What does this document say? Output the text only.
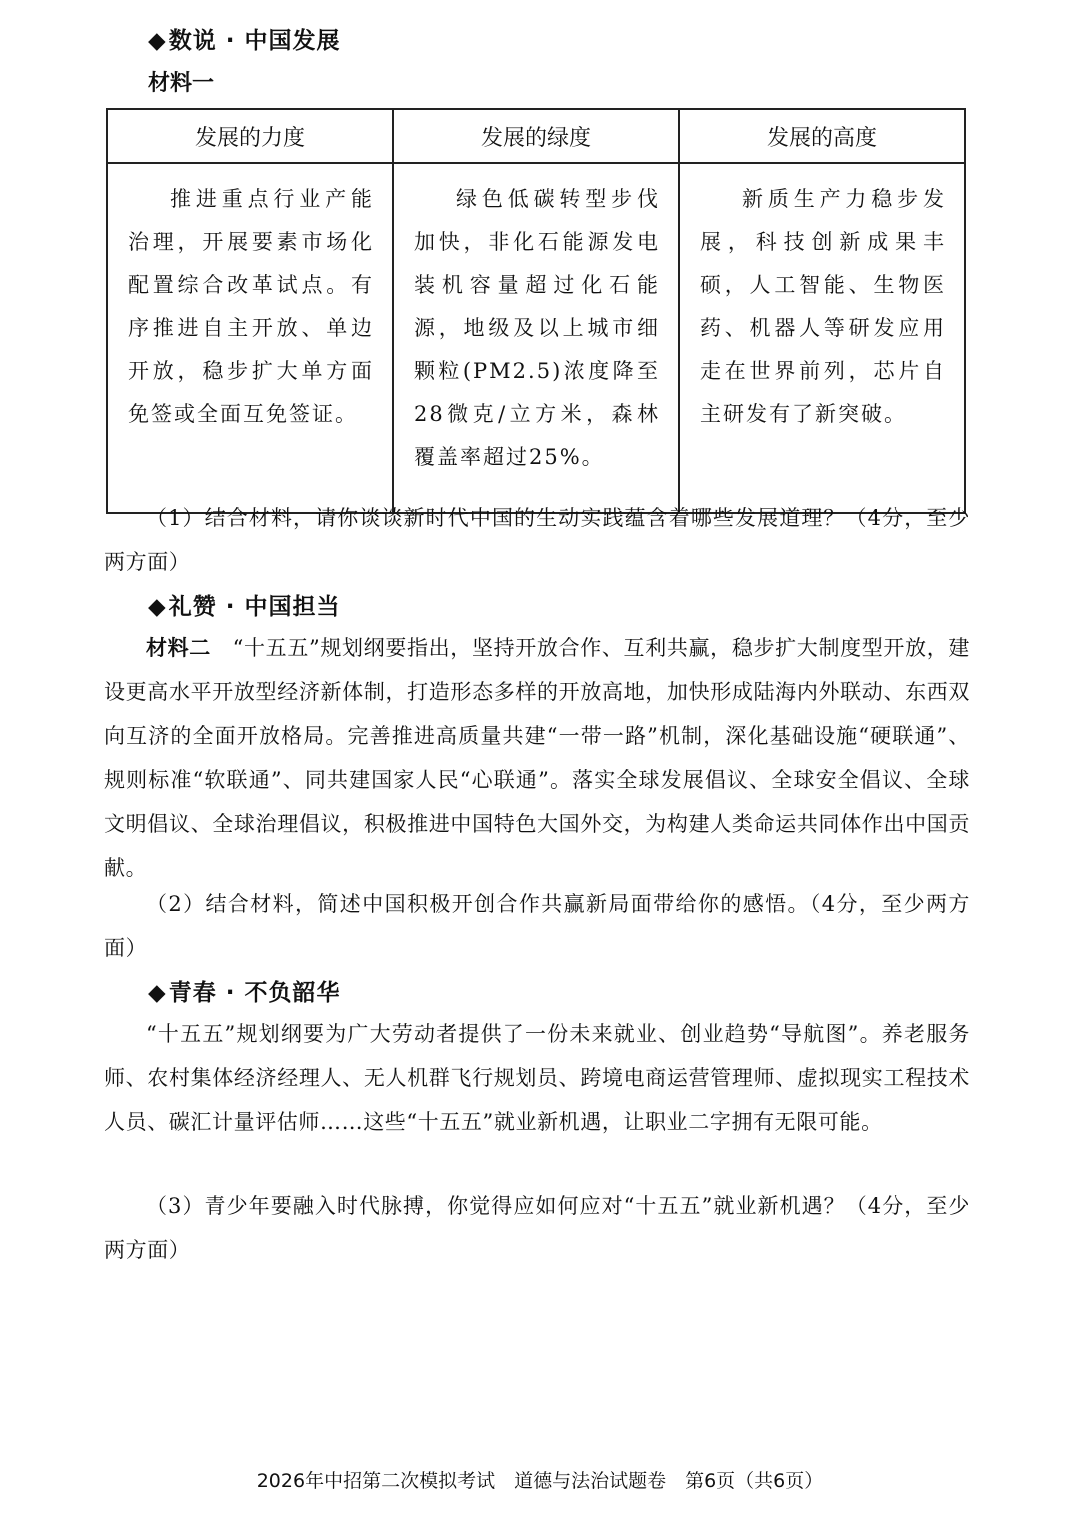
◆数说 · 中国发展
材料一
发展的力度	发展的绿度	发展的高度

推进重点行业产能治理，开展要素市场化配置综合改革试点。有序推进自主开放、单边开放，稳步扩大单方面免签或全面互免签证。	绿色低碳转型步伐加快，非化石能源发电装机容量超过化石能源，地级及以上城市细颗粒(PM2.5)浓度降至28微克/立方米，森林覆盖率超过25%。	新质生产力稳步发展，科技创新成果丰硕，人工智能、生物医药、机器人等研发应用走在世界前列，芯片自主研发有了新突破。
（1）结合材料，请你谈谈新时代中国的生动实践蕴含着哪些发展道理？（4分，至少两方面）
◆礼赞 · 中国担当
材料二　 “十五五”规划纲要指出，坚持开放合作、互利共赢，稳步扩大制度型开放，建设更高水平开放型经济新体制，打造形态多样的开放高地，加快形成陆海内外联动、东西双向互济的全面开放格局。完善推进高质量共建“一带一路”机制，深化基础设施“硬联通”、规则标准“软联通”、同共建国家人民“心联通”。落实全球发展倡议、全球安全倡议、全球文明倡议、全球治理倡议，积极推进中国特色大国外交，为构建人类命运共同体作出中国贡献。
（2）结合材料，简述中国积极开创合作共赢新局面带给你的感悟。（4分，至少两方面）
◆青春 · 不负韶华
“十五五”规划纲要为广大劳动者提供了一份未来就业、创业趋势“导航图”。养老服务师、农村集体经济经理人、无人机群飞行规划员、跨境电商运营管理师、虚拟现实工程技术人员、碳汇计量评估师……这些“十五五”就业新机遇，让职业二字拥有无限可能。
（3）青少年要融入时代脉搏，你觉得应如何应对“十五五”就业新机遇？（4分，至少两方面）
2026年中招第二次模拟考试　道德与法治试题卷　第6页（共6页）
